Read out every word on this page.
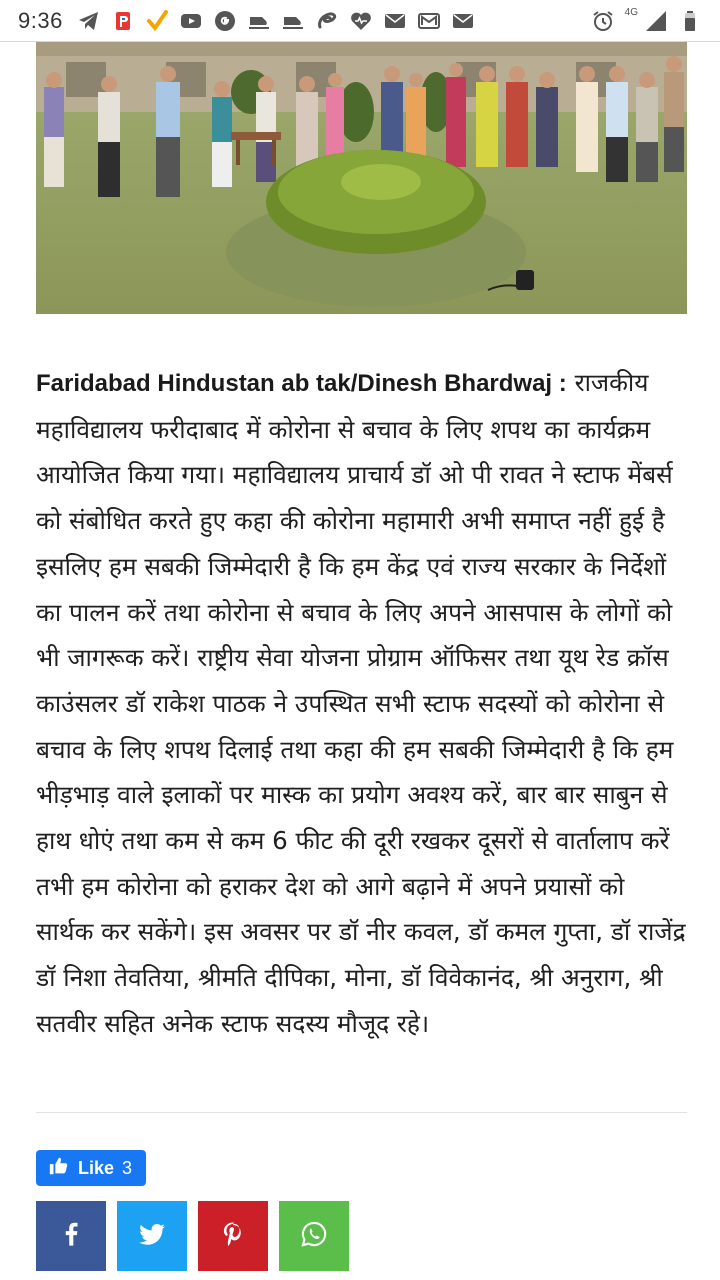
9:36	4G
Faridabad Hindustan ab tak/Dinesh Bhardwaj : राजकीय महाविद्यालय फरीदाबाद में कोरोना से बचाव के लिए शपथ का कार्यक्रम आयोजित किया गया। महाविद्यालय प्राचार्य डॉ ओ पी रावत ने स्टाफ मेंबर्स को संबोधित करते हुए कहा की कोरोना महामारी अभी समाप्त नहीं हुई है इसलिए हम सबकी जिम्मेदारी है कि हम केंद्र एवं राज्य सरकार के निर्देशों का पालन करें तथा कोरोना से बचाव के लिए अपने आसपास के लोगों को भी जागरूक करें। राष्ट्रीय सेवा योजना प्रोग्राम ऑफिसर तथा यूथ रेड क्रॉस काउंसलर डॉ राकेश पाठक ने उपस्थित सभी स्टाफ सदस्यों को कोरोना से बचाव के लिए शपथ दिलाई तथा कहा की हम सबकी जिम्मेदारी है कि हम भीड़भाड़ वाले इलाकों पर मास्क का प्रयोग अवश्य करें, बार बार साबुन से हाथ धोएं तथा कम से कम 6 फीट की दूरी रखकर दूसरों से वार्तालाप करें तभी हम कोरोना को हराकर देश को आगे बढ़ाने में अपने प्रयासों को सार्थक कर सकेंगे। इस अवसर पर डॉ नीर कवल, डॉ कमल गुप्ता, डॉ राजेंद्र डॉ निशा तेवतिया, श्रीमति दीपिका, मोना, डॉ विवेकानंद, श्री अनुराग, श्री सतवीर सहित अनेक स्टाफ सदस्य मौजूद रहे।
Like 3
